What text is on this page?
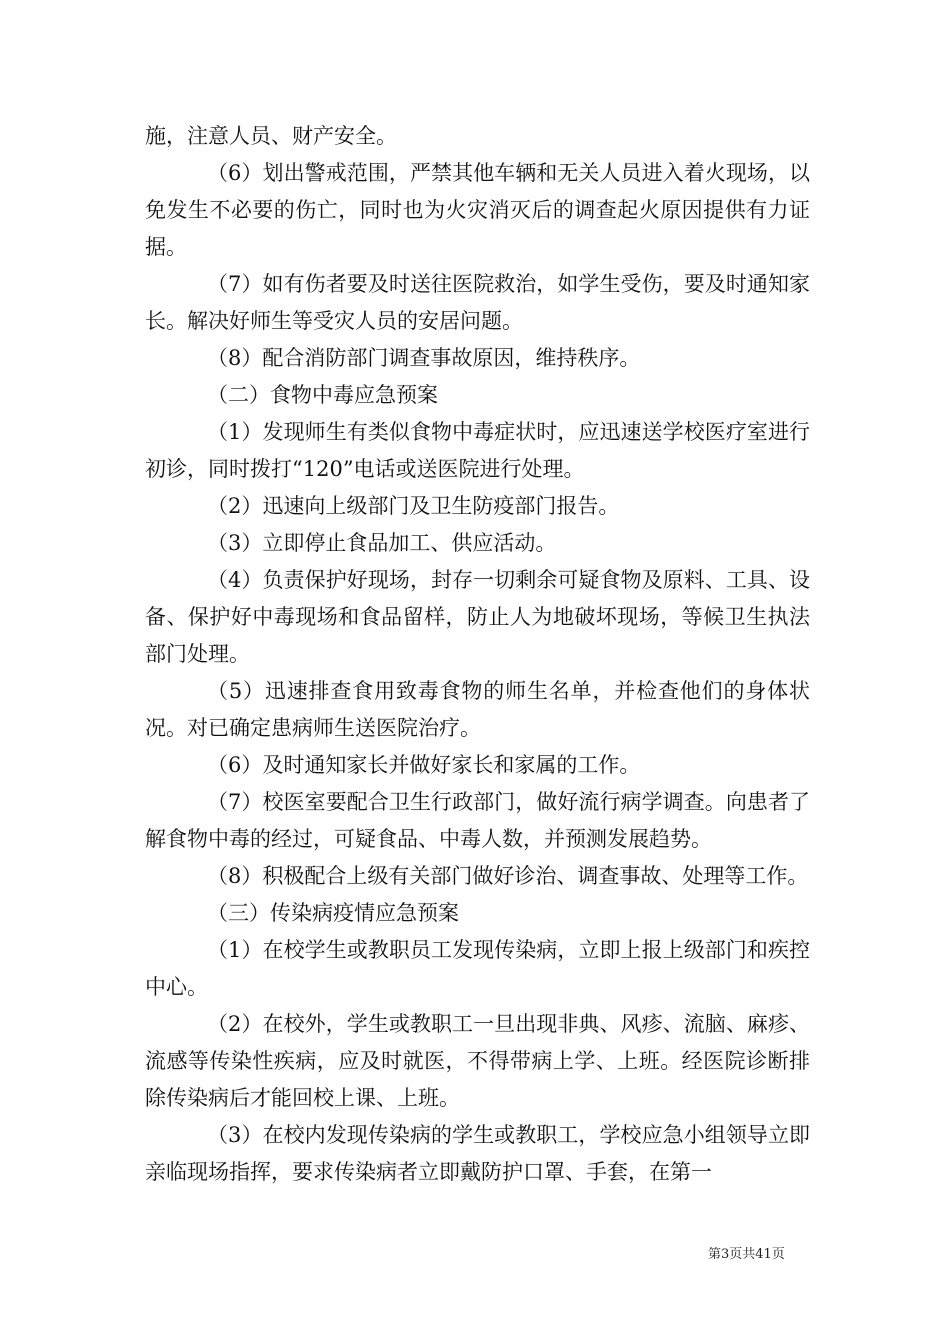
施，注意人员、财产安全。

（6）划出警戒范围，严禁其他车辆和无关人员进入着火现场，以免发生不必要的伤亡，同时也为火灾消灭后的调查起火原因提供有力证据。

（7）如有伤者要及时送往医院救治，如学生受伤，要及时通知家长。解决好师生等受灾人员的安居问题。

（8）配合消防部门调查事故原因，维持秩序。

（二）食物中毒应急预案

（1）发现师生有类似食物中毒症状时，应迅速送学校医疗室进行初诊，同时拨打“120”电话或送医院进行处理。

（2）迅速向上级部门及卫生防疫部门报告。

（3）立即停止食品加工、供应活动。

（4）负责保护好现场，封存一切剩余可疑食物及原料、工具、设备、保护好中毒现场和食品留样，防止人为地破坏现场，等候卫生执法部门处理。

（5）迅速排查食用致毒食物的师生名单，并检查他们的身体状况。对已确定患病师生送医院治疗。

（6）及时通知家长并做好家长和家属的工作。

（7）校医室要配合卫生行政部门，做好流行病学调查。向患者了解食物中毒的经过，可疑食品、中毒人数，并预测发展趋势。

（8）积极配合上级有关部门做好诊治、调查事故、处理等工作。

（三）传染病疫情应急预案

（1）在校学生或教职员工发现传染病，立即上报上级部门和疾控中心。

（2）在校外，学生或教职工一旦出现非典、风疹、流脑、麻疹、流感等传染性疾病，应及时就医，不得带病上学、上班。经医院诊断排除传染病后才能回校上课、上班。

（3）在校内发现传染病的学生或教职工，学校应急小组领导立即亲临现场指挥，要求传染病者立即戴防护口罩、手套，在第一

第3页共41页
